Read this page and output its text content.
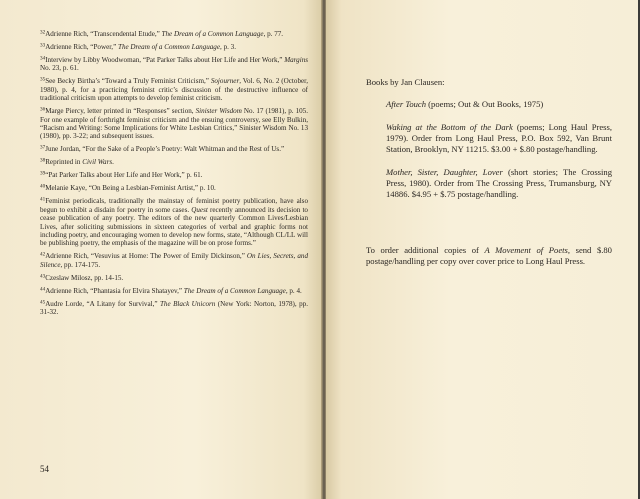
$^{32}$Adrienne Rich, “Transcendental Etude,” The Dream of a Common Language, p. 77.

$^{33}$Adrienne Rich, “Power,” The Dream of a Common Language, p. 3.

$^{34}$Interview by Libby Woodwoman, “Pat Parker Talks about Her Life and Her Work,” Margins No. 23, p. 61.

$^{35}$See Becky Birtha’s “Toward a Truly Feminist Criticism,” Sojourner, Vol. 6, No. 2 (October, 1980), p. 4, for a practicing feminist critic’s discussion of the destructive influence of traditional criticism upon attempts to develop feminist criticism.

$^{36}$Marge Piercy, letter printed in “Responses” section, Sinister Wisdom No. 17 (1981), p. 105. For one example of forthright feminist criticism and the ensuing controversy, see Elly Bulkin, “Racism and Writing: Some Implications for White Lesbian Critics,” Sinister Wisdom No. 13 (1980), pp. 3-22; and subsequent issues.

$^{37}$June Jordan, “For the Sake of a People’s Poetry: Walt Whitman and the Rest of Us.”

$^{38}$Reprinted in Civil Wars.

$^{39}$“Pat Parker Talks about Her Life and Her Work,” p. 61.

$^{40}$Melanie Kaye, “On Being a Lesbian-Feminist Artist,” p. 10.

$^{41}$Feminist periodicals, traditionally the mainstay of feminist poetry publication, have also begun to exhibit a disdain for poetry in some cases. Quest recently announced its decision to cease publication of any poetry. The editors of the new quarterly Common Lives/Lesbian Lives, after soliciting submissions in sixteen categories of verbal and graphic forms not including poetry, and encouraging women to develop new forms, state, “Although CL/LL will be publishing poetry, the emphasis of the magazine will be on prose forms.”

$^{42}$Adrienne Rich, “Vesuvius at Home: The Power of Emily Dickinson,” On Lies, Secrets, and Silence, pp. 174-175.

$^{43}$Czeslaw Milosz, pp. 14-15.

$^{44}$Adrienne Rich, “Phantasia for Elvira Shatayev,” The Dream of a Common Language, p. 4.

$^{45}$Audre Lorde, “A Litany for Survival,” The Black Unicorn (New York: Norton, 1978), pp. 31-32.

54

Books by Jan Clausen:

After Touch (poems; Out & Out Books, 1975)

Waking at the Bottom of the Dark (poems; Long Haul Press, 1979). Order from Long Haul Press, P.O. Box 592, Van Brunt Station, Brooklyn, NY 11215. $3.00 + $.80 postage/handling.

Mother, Sister, Daughter, Lover (short stories; The Crossing Press, 1980). Order from The Crossing Press, Trumansburg, NY 14886. $4.95 + $.75 postage/handling.

To order additional copies of A Movement of Poets, send $.80 postage/handling per copy over cover price to Long Haul Press.
